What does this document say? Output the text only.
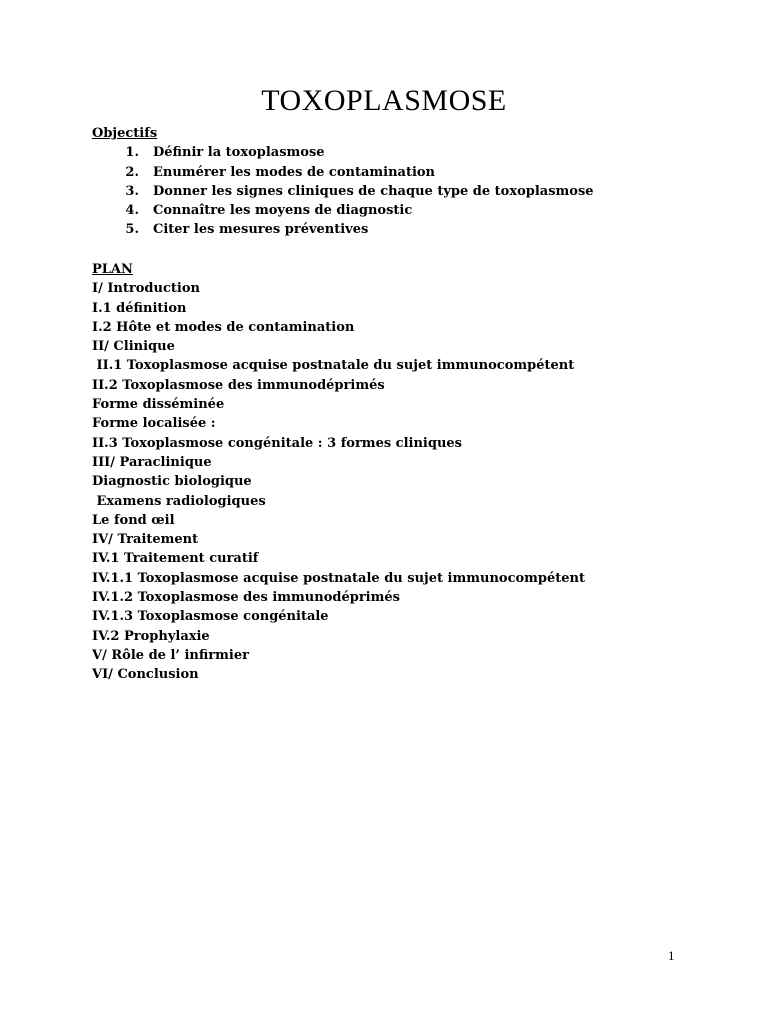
TOXOPLASMOSE
Objectifs
1. Définir la toxoplasmose
2. Enumérer les modes de contamination
3. Donner les signes cliniques de chaque type de toxoplasmose
4. Connaître les moyens de diagnostic
5. Citer les mesures préventives
PLAN
I/ Introduction
I.1 définition
I.2 Hôte et modes de contamination
II/ Clinique
II.1 Toxoplasmose acquise postnatale du sujet immunocompétent
II.2 Toxoplasmose des immunodéprimés
Forme disséminée
Forme localisée :
II.3 Toxoplasmose congénitale : 3 formes cliniques
III/ Paraclinique
Diagnostic biologique
Examens radiologiques
Le fond œil
IV/ Traitement
IV.1 Traitement curatif
IV.1.1 Toxoplasmose acquise postnatale du sujet immunocompétent
IV.1.2 Toxoplasmose des immunodéprimés
IV.1.3 Toxoplasmose congénitale
IV.2 Prophylaxie
V/ Rôle de l’ infirmier
VI/ Conclusion
1
